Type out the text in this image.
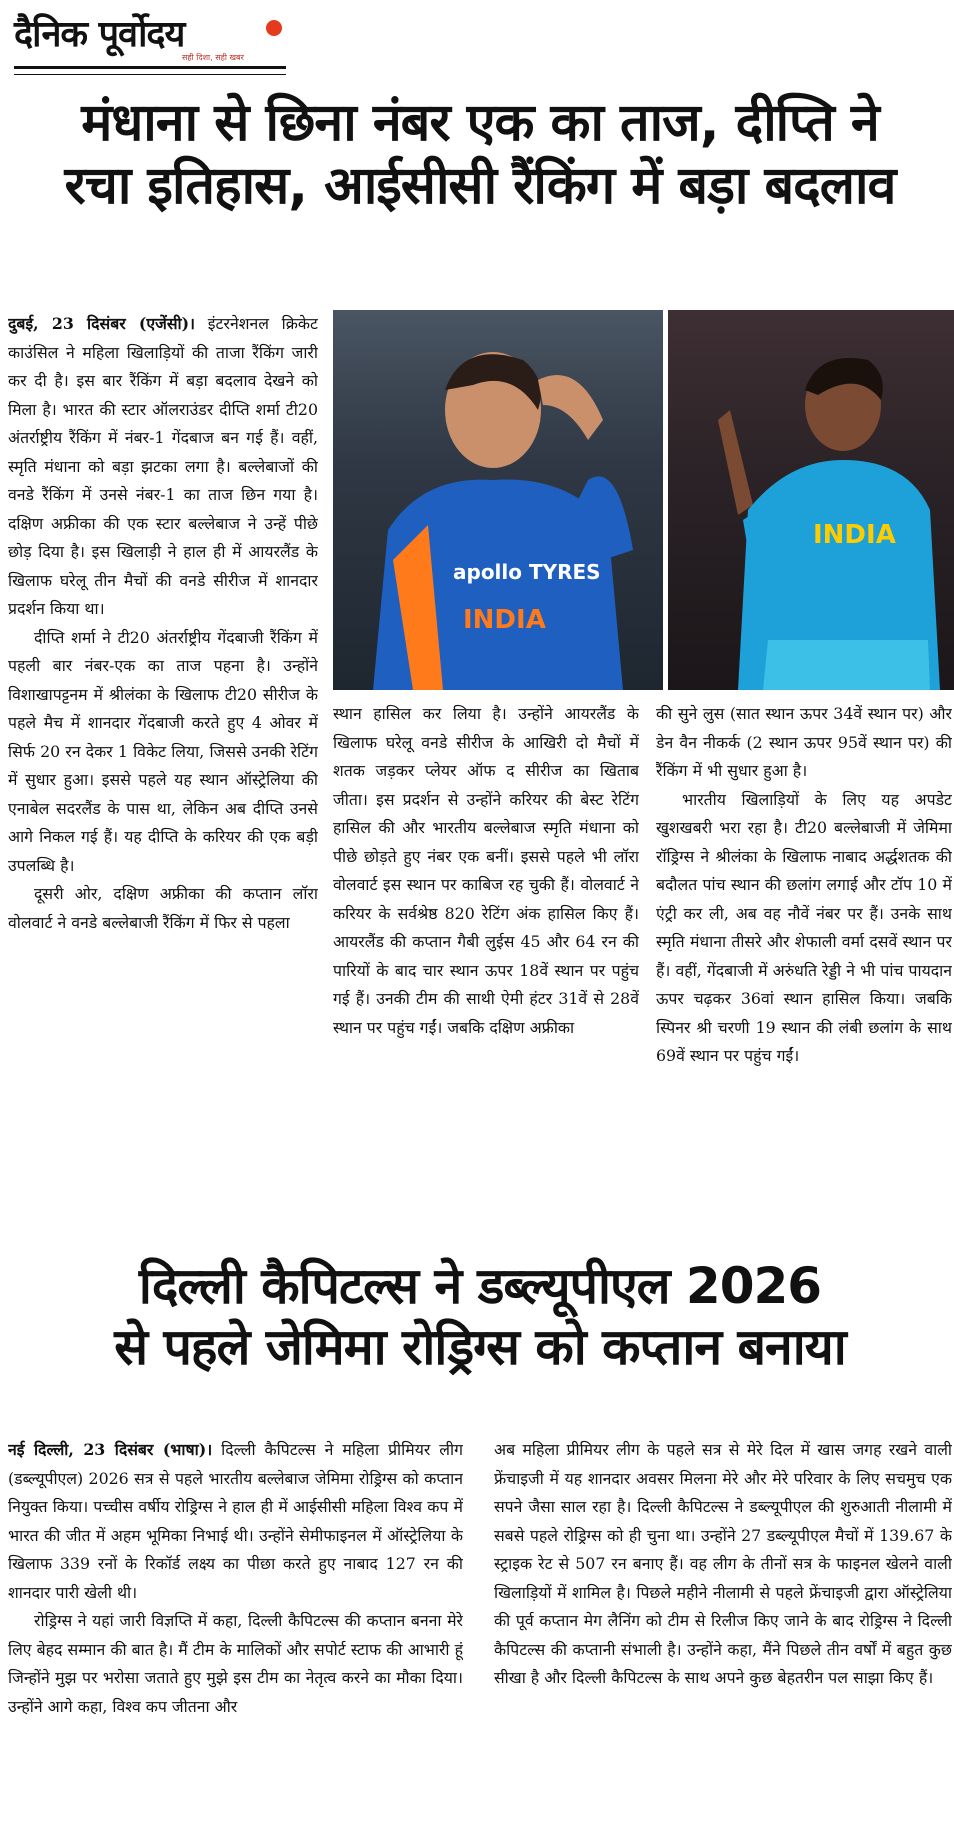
दैनिक पूर्वोदय
सही दिशा, सही खबर
मंधाना से छिना नंबर एक का ताज, दीप्ति ने
रचा इतिहास, आईसीसी रैंकिंग में बड़ा बदलाव

दुबई, 23 दिसंबर (एजेंसी)। इंटरनेशनल क्रिकेट काउंसिल ने महिला खिलाड़ियों की ताजा रैंकिंग जारी कर दी है। इस बार रैंकिंग में बड़ा बदलाव देखने को मिला है। भारत की स्टार ऑलराउंडर दीप्ति शर्मा टी20 अंतर्राष्ट्रीय रैंकिंग में नंबर-1 गेंदबाज बन गई हैं। वहीं, स्मृति मंधाना को बड़ा झटका लगा है। बल्लेबाजों की वनडे रैंकिंग में उनसे नंबर-1 का ताज छिन गया है। दक्षिण अफ्रीका की एक स्टार बल्लेबाज ने उन्हें पीछे छोड़ दिया है। इस खिलाड़ी ने हाल ही में आयरलैंड के खिलाफ घरेलू तीन मैचों की वनडे सीरीज में शानदार प्रदर्शन किया था।

दीप्ति शर्मा ने टी20 अंतर्राष्ट्रीय गेंदबाजी रैंकिंग में पहली बार नंबर-एक का ताज पहना है। उन्होंने विशाखापट्टनम में श्रीलंका के खिलाफ टी20 सीरीज के पहले मैच में शानदार गेंदबाजी करते हुए 4 ओवर में सिर्फ 20 रन देकर 1 विकेट लिया, जिससे उनकी रेटिंग में सुधार हुआ। इससे पहले यह स्थान ऑस्ट्रेलिया की एनाबेल सदरलैंड के पास था, लेकिन अब दीप्ति उनसे आगे निकल गई हैं। यह दीप्ति के करियर की एक बड़ी उपलब्धि है।

दूसरी ओर, दक्षिण अफ्रीका की कप्तान लॉरा वोलवार्ट ने वनडे बल्लेबाजी रैंकिंग में फिर से पहला

apollo TYRES
INDIA
INDIA

स्थान हासिल कर लिया है। उन्होंने आयरलैंड के खिलाफ घरेलू वनडे सीरीज के आखिरी दो मैचों में शतक जड़कर प्लेयर ऑफ द सीरीज का खिताब जीता। इस प्रदर्शन से उन्होंने करियर की बेस्ट रेटिंग हासिल की और भारतीय बल्लेबाज स्मृति मंधाना को पीछे छोड़ते हुए नंबर एक बनीं। इससे पहले भी लॉरा वोलवार्ट इस स्थान पर काबिज रह चुकी हैं। वोलवार्ट ने करियर के सर्वश्रेष्ठ 820 रेटिंग अंक हासिल किए हैं। आयरलैंड की कप्तान गैबी लुईस 45 और 64 रन की पारियों के बाद चार स्थान ऊपर 18वें स्थान पर पहुंच गई हैं। उनकी टीम की साथी ऐमी हंटर 31वें से 28वें स्थान पर पहुंच गईं। जबकि दक्षिण अफ्रीका

की सुने लुस (सात स्थान ऊपर 34वें स्थान पर) और डेन वैन नीकर्क (2 स्थान ऊपर 95वें स्थान पर) की रैंकिंग में भी सुधार हुआ है।

भारतीय खिलाड़ियों के लिए यह अपडेट खुशखबरी भरा रहा है। टी20 बल्लेबाजी में जेमिमा रॉड्रिग्स ने श्रीलंका के खिलाफ नाबाद अर्द्धशतक की बदौलत पांच स्थान की छलांग लगाई और टॉप 10 में एंट्री कर ली, अब वह नौवें नंबर पर हैं। उनके साथ स्मृति मंधाना तीसरे और शेफाली वर्मा दसवें स्थान पर हैं। वहीं, गेंदबाजी में अरुंधति रेड्डी ने भी पांच पायदान ऊपर चढ़कर 36वां स्थान हासिल किया। जबकि स्पिनर श्री चरणी 19 स्थान की लंबी छलांग के साथ 69वें स्थान पर पहुंच गईं।

दिल्ली कैपिटल्स ने डब्ल्यूपीएल 2026
से पहले जेमिमा रोड्रिग्स को कप्तान बनाया

नई दिल्ली, 23 दिसंबर (भाषा)। दिल्ली कैपिटल्स ने महिला प्रीमियर लीग (डब्ल्यूपीएल) 2026 सत्र से पहले भारतीय बल्लेबाज जेमिमा रोड्रिग्स को कप्तान नियुक्त किया। पच्चीस वर्षीय रोड्रिग्स ने हाल ही में आईसीसी महिला विश्व कप में भारत की जीत में अहम भूमिका निभाई थी। उन्होंने सेमीफाइनल में ऑस्ट्रेलिया के खिलाफ 339 रनों के रिकॉर्ड लक्ष्य का पीछा करते हुए नाबाद 127 रन की शानदार पारी खेली थी।

रोड्रिग्स ने यहां जारी विज्ञप्ति में कहा, दिल्ली कैपिटल्स की कप्तान बनना मेरे लिए बेहद सम्मान की बात है। मैं टीम के मालिकों और सपोर्ट स्टाफ की आभारी हूं जिन्होंने मुझ पर भरोसा जताते हुए मुझे इस टीम का नेतृत्व करने का मौका दिया। उन्होंने आगे कहा, विश्व कप जीतना और

अब महिला प्रीमियर लीग के पहले सत्र से मेरे दिल में खास जगह रखने वाली फ्रेंचाइजी में यह शानदार अवसर मिलना मेरे और मेरे परिवार के लिए सचमुच एक सपने जैसा साल रहा है। दिल्ली कैपिटल्स ने डब्ल्यूपीएल की शुरुआती नीलामी में सबसे पहले रोड्रिग्स को ही चुना था। उन्होंने 27 डब्ल्यूपीएल मैचों में 139.67 के स्ट्राइक रेट से 507 रन बनाए हैं। वह लीग के तीनों सत्र के फाइनल खेलने वाली खिलाड़ियों में शामिल है। पिछले महीने नीलामी से पहले फ्रेंचाइजी द्वारा ऑस्ट्रेलिया की पूर्व कप्तान मेग लैनिंग को टीम से रिलीज किए जाने के बाद रोड्रिग्स ने दिल्ली कैपिटल्स की कप्तानी संभाली है। उन्होंने कहा, मैंने पिछले तीन वर्षों में बहुत कुछ सीखा है और दिल्ली कैपिटल्स के साथ अपने कुछ बेहतरीन पल साझा किए हैं।
